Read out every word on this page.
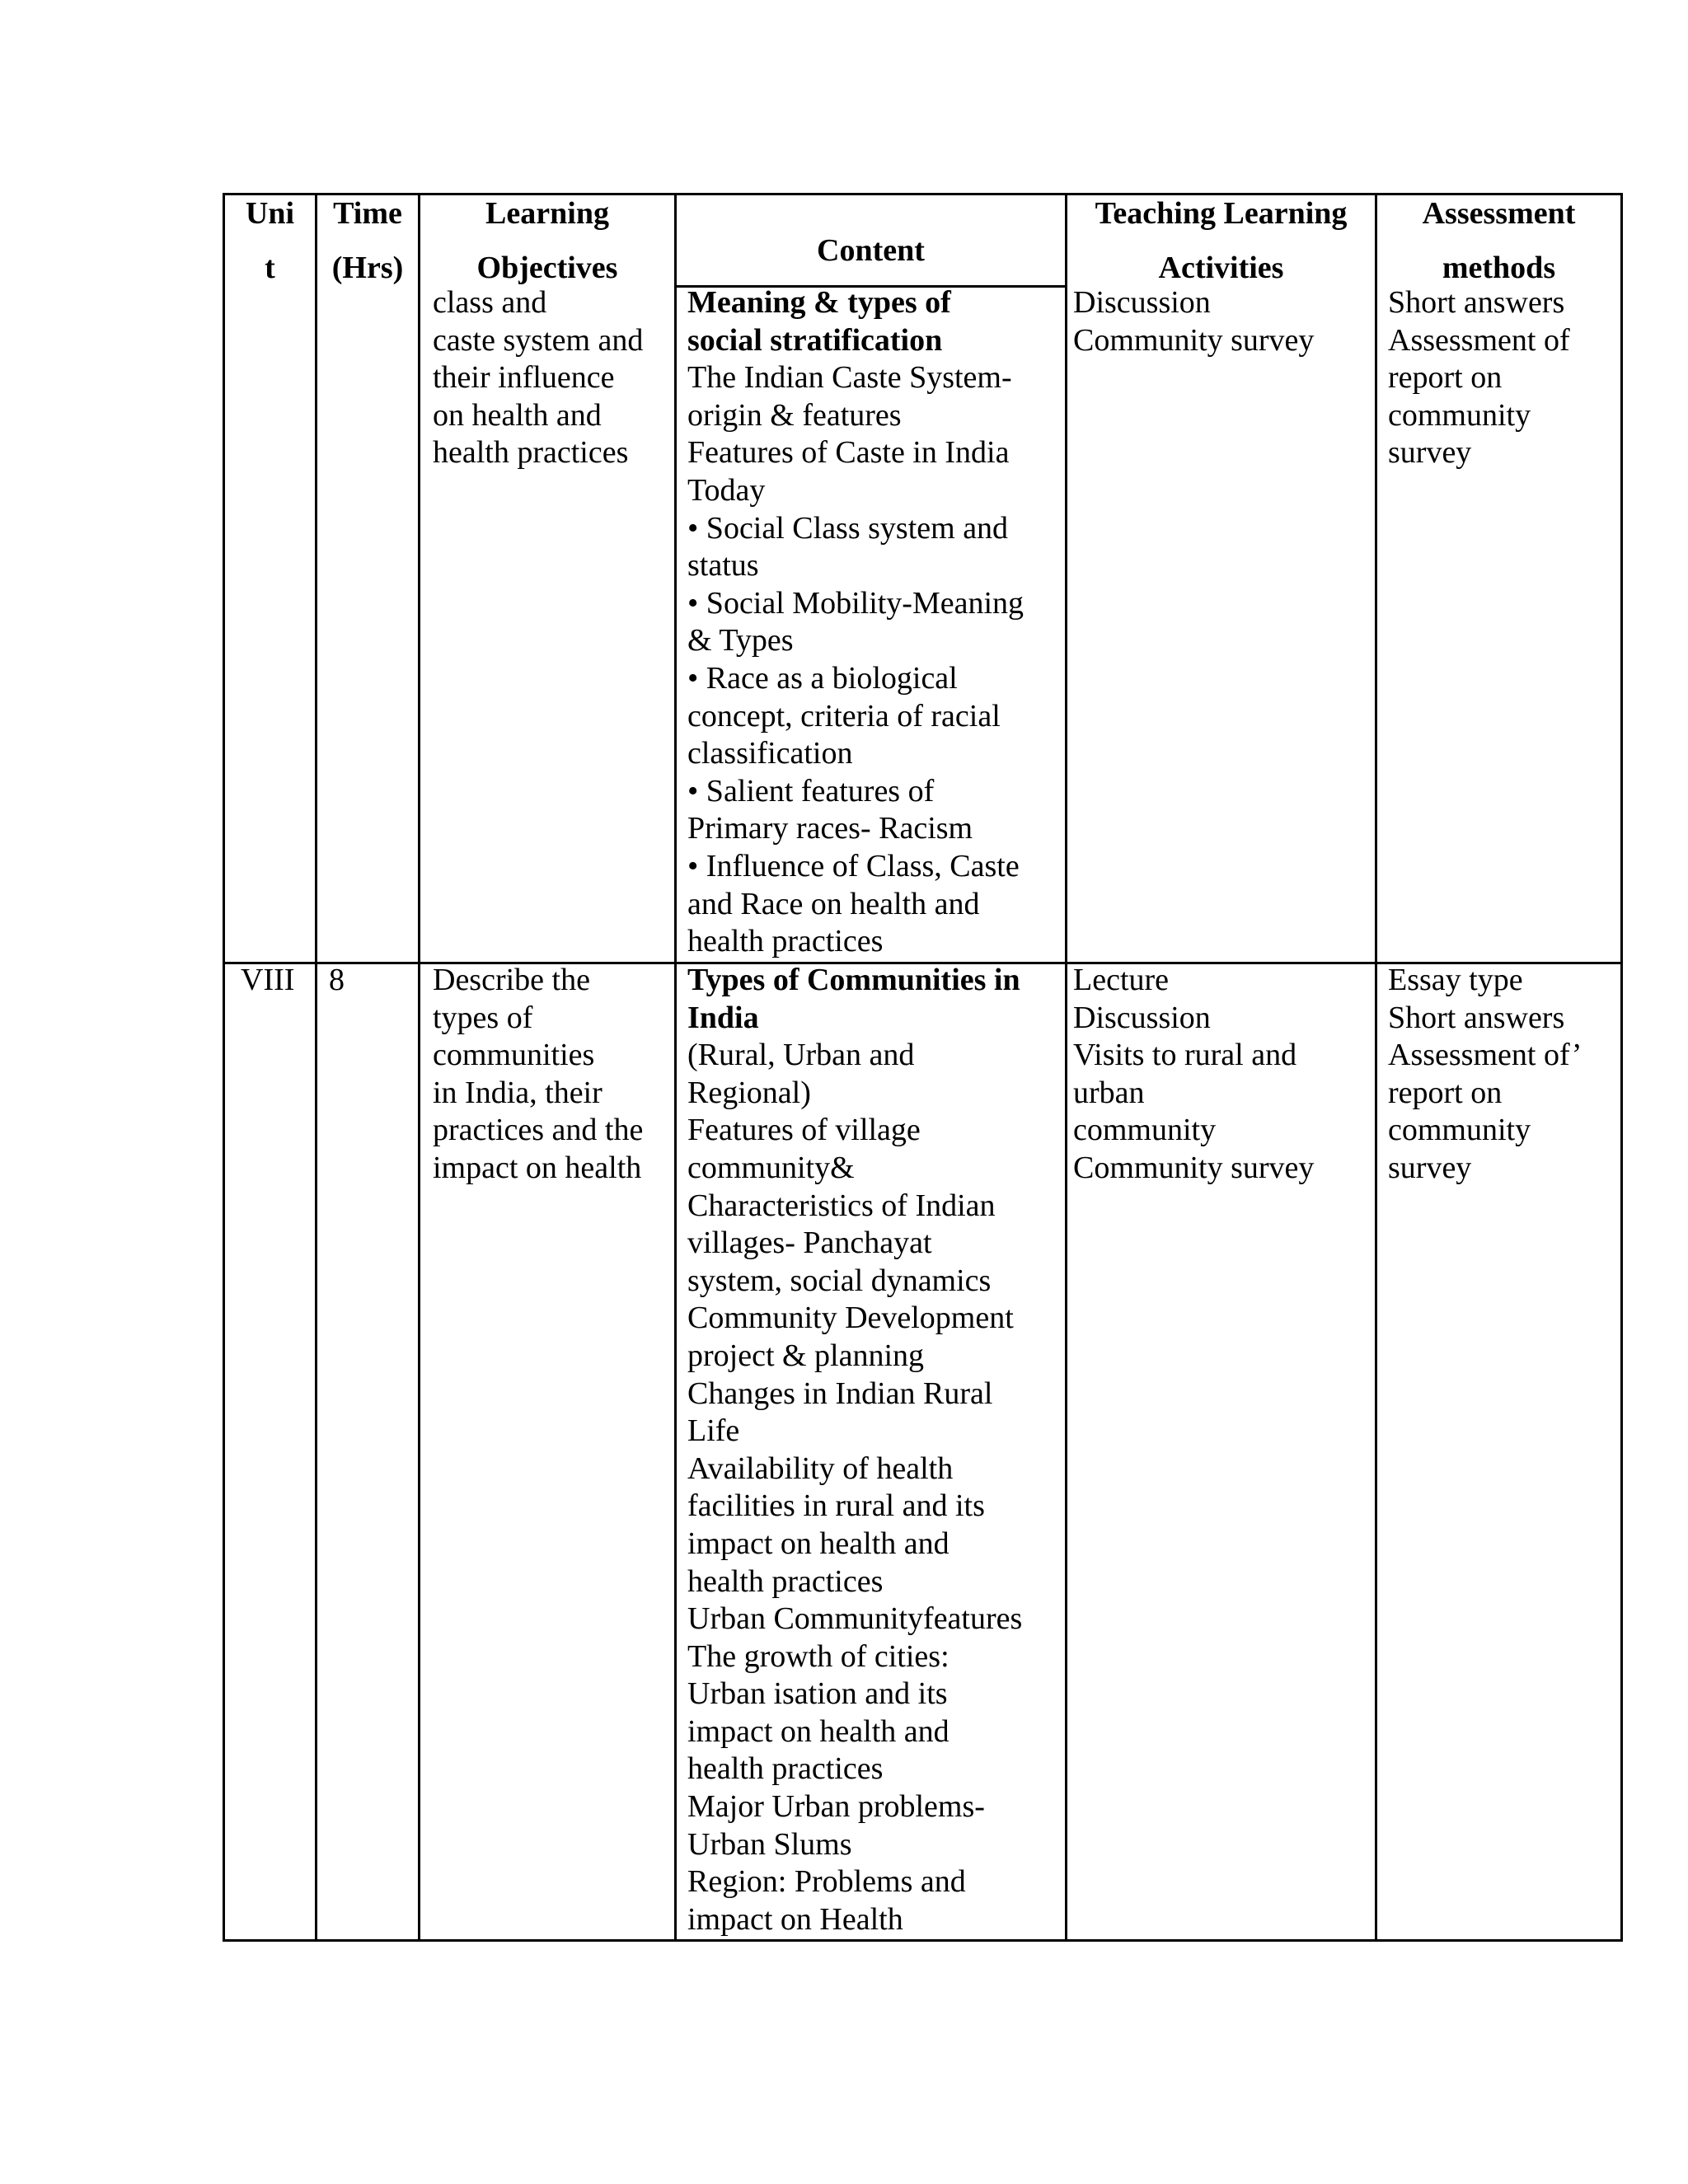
Uni
t
Time
(Hrs)
Learning
Objectives	Content
Teaching Learning
Activities
Assessment
methods
class and
caste system and
their influence
on health and
health practices
Meaning & types of
social stratification
The Indian Caste System-
origin & features
Features of Caste in India
Today
• Social Class system and
status
• Social Mobility-Meaning
& Types
• Race as a biological
concept, criteria of racial
classification
• Salient features of
Primary races- Racism
• Influence of Class, Caste
and Race on health and
health practices
Discussion
Community survey
Short answers
Assessment of
report on
community
survey
VIII 8	Describe the
types of
communities
in India, their
practices and the
impact on health
Types of Communities in
India
(Rural, Urban and
Regional)
Features of village
community&
Characteristics of Indian
villages- Panchayat
system, social dynamics
Community Development
project & planning
Changes in Indian Rural
Life
Availability of health
facilities in rural and its
impact on health and
health practices
Urban Communityfeatures
The growth of cities:
Urban isation and its
impact on health and
health practices
Major Urban problems-
Urban Slums
Region: Problems and
impact on Health
Lecture
Discussion
Visits to rural and
urban
community
Community survey
Essay type
Short answers
Assessment of’
report on
community
survey
